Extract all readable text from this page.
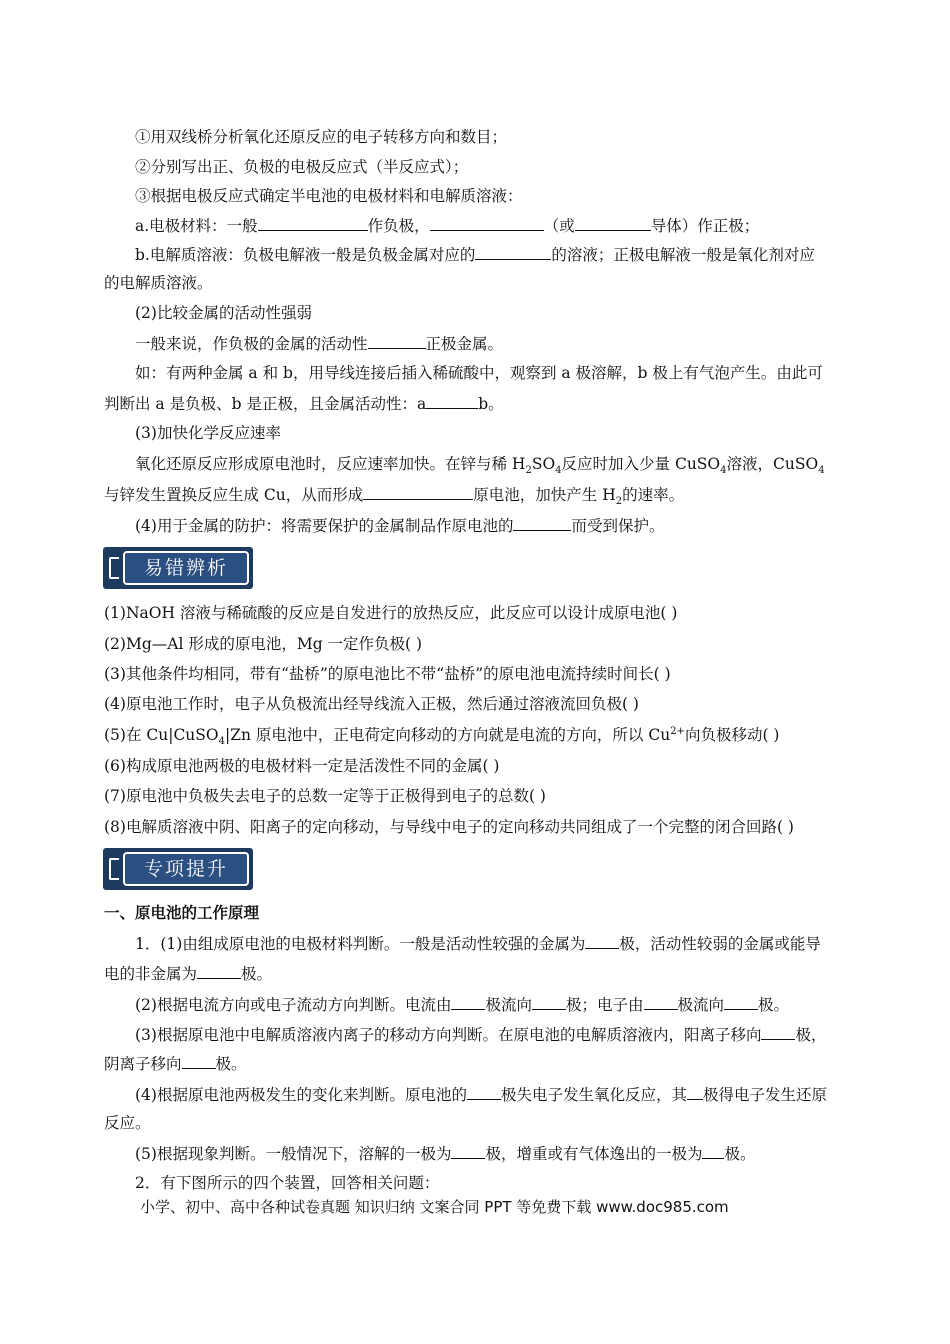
①用双线桥分析氧化还原反应的电子转移方向和数目；
②分别写出正、负极的电极反应式（半反应式）；
③根据电极反应式确定半电池的电极材料和电解质溶液：
a.电极材料：一般	作负极，	（或	导体）作正极；
b.电解质溶液：负极电解液一般是负极金属对应的	的溶液；正极电解液一般是氧化剂对应
的电解质溶液。
(2)比较金属的活动性强弱
一般来说，作负极的金属的活动性	正极金属。
如：有两种金属 a 和 b，用导线连接后插入稀硫酸中，观察到 a 极溶解，b 极上有气泡产生。由此可
判断出 a 是负极、b 是正极，且金属活动性：a	b。
(3)加快化学反应速率
氧化还原反应形成原电池时，反应速率加快。在锌与稀 $H_2SO_4$反应时加入少量 CuSO$_4$溶液，CuSO$_4$
与锌发生置换反应生成 Cu，从而形成	原电池，加快产生 $H_2$的速率。
(4)用于金属的防护：将需要保护的金属制品作原电池的	而受到保护。
易错辨析
(1)NaOH 溶液与稀硫酸的反应是自发进行的放热反应，此反应可以设计成原电池( )
(2)Mg—Al 形成的原电池，Mg 一定作负极( )
(3)其他条件均相同，带有“盐桥”的原电池比不带“盐桥”的原电池电流持续时间长( )
(4)原电池工作时，电子从负极流出经导线流入正极，然后通过溶液流回负极( )
(5)在 Cu|CuSO$_4$|Zn 原电池中，正电荷定向移动的方向就是电流的方向，所以 $Cu^{2+}$向负极移动( )
(6)构成原电池两极的电极材料一定是活泼性不同的金属( )
(7)原电池中负极失去电子的总数一定等于正极得到电子的总数( )
(8)电解质溶液中阴、阳离子的定向移动，与导线中电子的定向移动共同组成了一个完整的闭合回路( )
专项提升
一、原电池的工作原理
1．(1)由组成原电池的电极材料判断。一般是活动性较强的金属为 极，活动性较弱的金属或能导
电的非金属为	极。
(2)根据电流方向或电子流动方向判断。电流由 极流向 极；电子由 极流向 极。
(3)根据原电池中电解质溶液内离子的移动方向判断。在原电池的电解质溶液内，阳离子移向 极，
阴离子移向 极。
(4)根据原电池两极发生的变化来判断。原电池的 极失电子发生氧化反应，其 极得电子发生还原
反应。
(5)根据现象判断。一般情况下，溶解的一极为 极，增重或有气体逸出的一极为 极。
2．有下图所示的四个装置，回答相关问题：
小学、初中、高中各种试卷真题 知识归纳 文案合同 PPT 等免费下载 www.doc985.com
